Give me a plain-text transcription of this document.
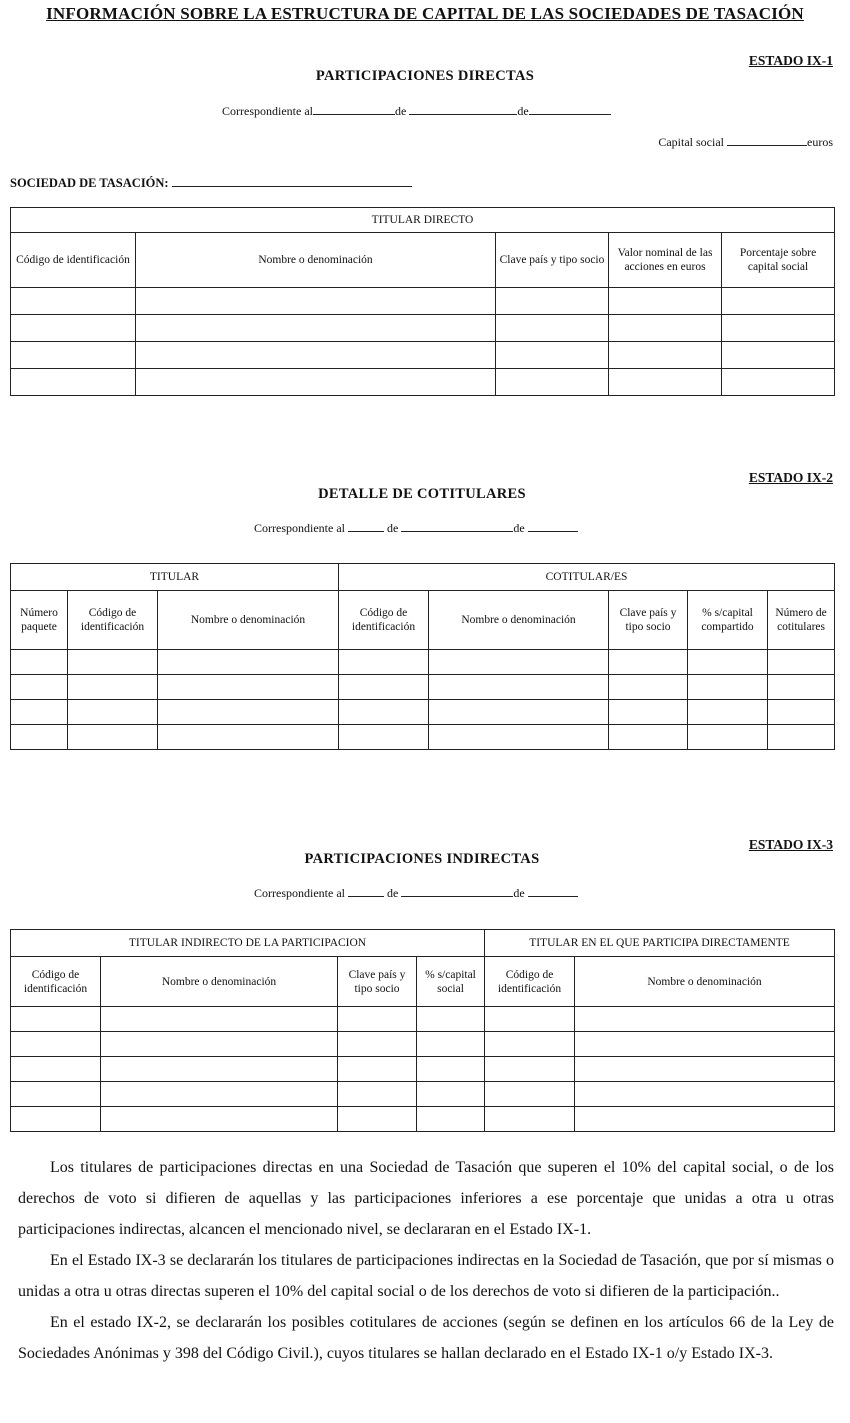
INFORMACIÓN SOBRE LA ESTRUCTURA DE CAPITAL DE LAS SOCIEDADES DE TASACIÓN
ESTADO IX-1
PARTICIPACIONES DIRECTAS
Correspondiente al	de	de
Capital social	euros
SOCIEDAD DE TASACIÓN:
TITULAR DIRECTO				
Código de identificación	Nombre o denominación	Clave país y tipo socio	Valor nominal de las acciones en euros	Porcentaje sobre capital social

ESTADO IX-2
DETALLE DE COTITULARES
Correspondiente al	de	de
TITULAR			COTITULAR/ES				
Número paquete	Código de identificación	Nombre o denominación	Código de identificación	Nombre o denominación	Clave país y tipo socio	% s/capital compartido	Número de cotitulares

ESTADO IX-3
PARTICIPACIONES INDIRECTAS
Correspondiente al	de	de
TITULAR INDIRECTO DE LA PARTICIPACION				TITULAR EN EL QUE PARTICIPA DIRECTAMENTE	
Código de identificación	Nombre o denominación	Clave país y tipo socio	% s/capital social	Código de identificación	Nombre o denominación

Los titulares de participaciones directas en una Sociedad de Tasación que superen el 10% del capital social, o de los derechos de voto si difieren de aquellas y las participaciones inferiores a ese porcentaje que unidas a otra u otras participaciones indirectas, alcancen el mencionado nivel, se declararan en el Estado IX-1.

En el Estado IX-3 se declararán los titulares de participaciones indirectas en la Sociedad de Tasación, que por sí mismas o unidas a otra u otras directas superen el 10% del capital social o de los derechos de voto si difieren de la participación..

En el estado IX-2, se declararán los posibles cotitulares de acciones (según se definen en los artículos 66 de la Ley de Sociedades Anónimas y 398 del Código Civil.), cuyos titulares se hallan declarado en el Estado IX-1 o/y Estado IX-3.
